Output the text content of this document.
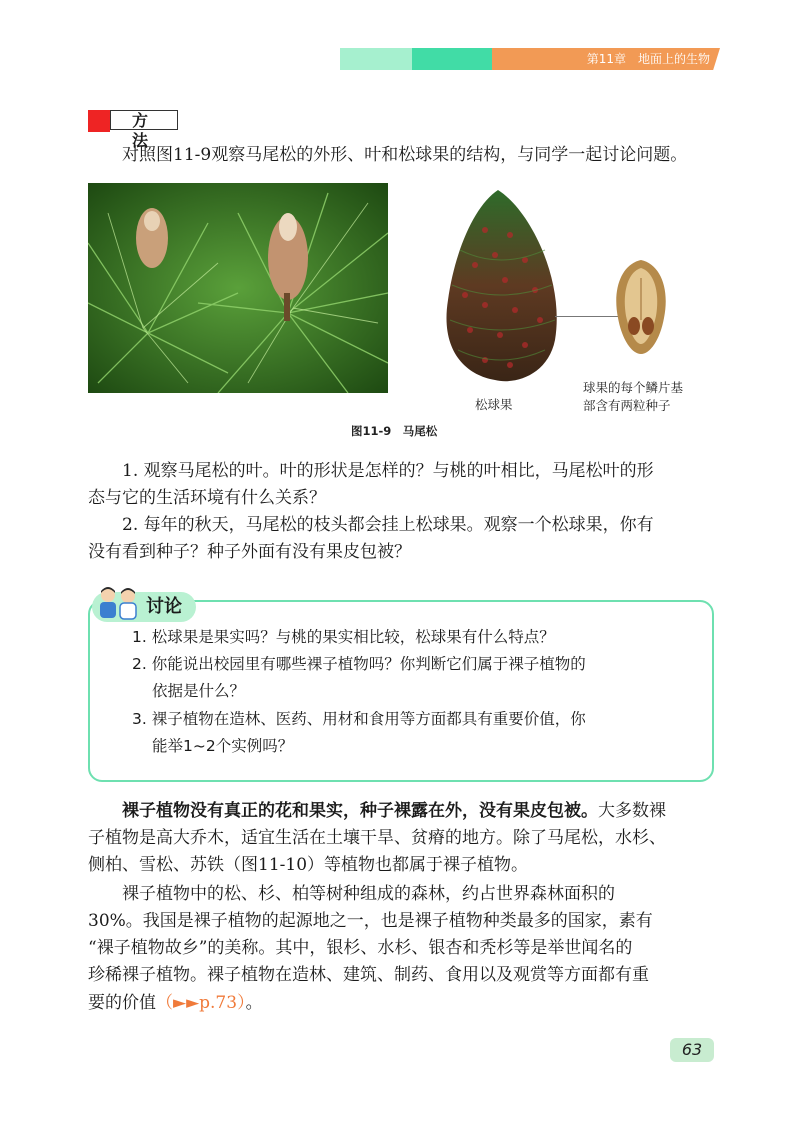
第11章　地面上的生物
方法
对照图11-9观察马尾松的外形、叶和松球果的结构，与同学一起讨论问题。
松球果
球果的每个鳞片基
部含有两粒种子
图11-9　马尾松
1. 观察马尾松的叶。叶的形状是怎样的？与桃的叶相比，马尾松叶的形
态与它的生活环境有什么关系？
2. 每年的秋天，马尾松的枝头都会挂上松球果。观察一个松球果，你有
没有看到种子？种子外面有没有果皮包被？
讨论
1. 松球果是果实吗？与桃的果实相比较，松球果有什么特点？
2. 你能说出校园里有哪些裸子植物吗？你判断它们属于裸子植物的
依据是什么？
3. 裸子植物在造林、医药、用材和食用等方面都具有重要价值，你
能举1~2个实例吗？
裸子植物没有真正的花和果实，种子裸露在外，没有果皮包被。大多数裸
子植物是高大乔木，适宜生活在土壤干旱、贫瘠的地方。除了马尾松，水杉、
侧柏、雪松、苏铁（图11-10）等植物也都属于裸子植物。
裸子植物中的松、杉、柏等树种组成的森林，约占世界森林面积的
30%。我国是裸子植物的起源地之一，也是裸子植物种类最多的国家，素有
“裸子植物故乡”的美称。其中，银杉、水杉、银杏和秃杉等是举世闻名的
珍稀裸子植物。裸子植物在造林、建筑、制药、食用以及观赏等方面都有重
要的价值（►►p.73）。
63
